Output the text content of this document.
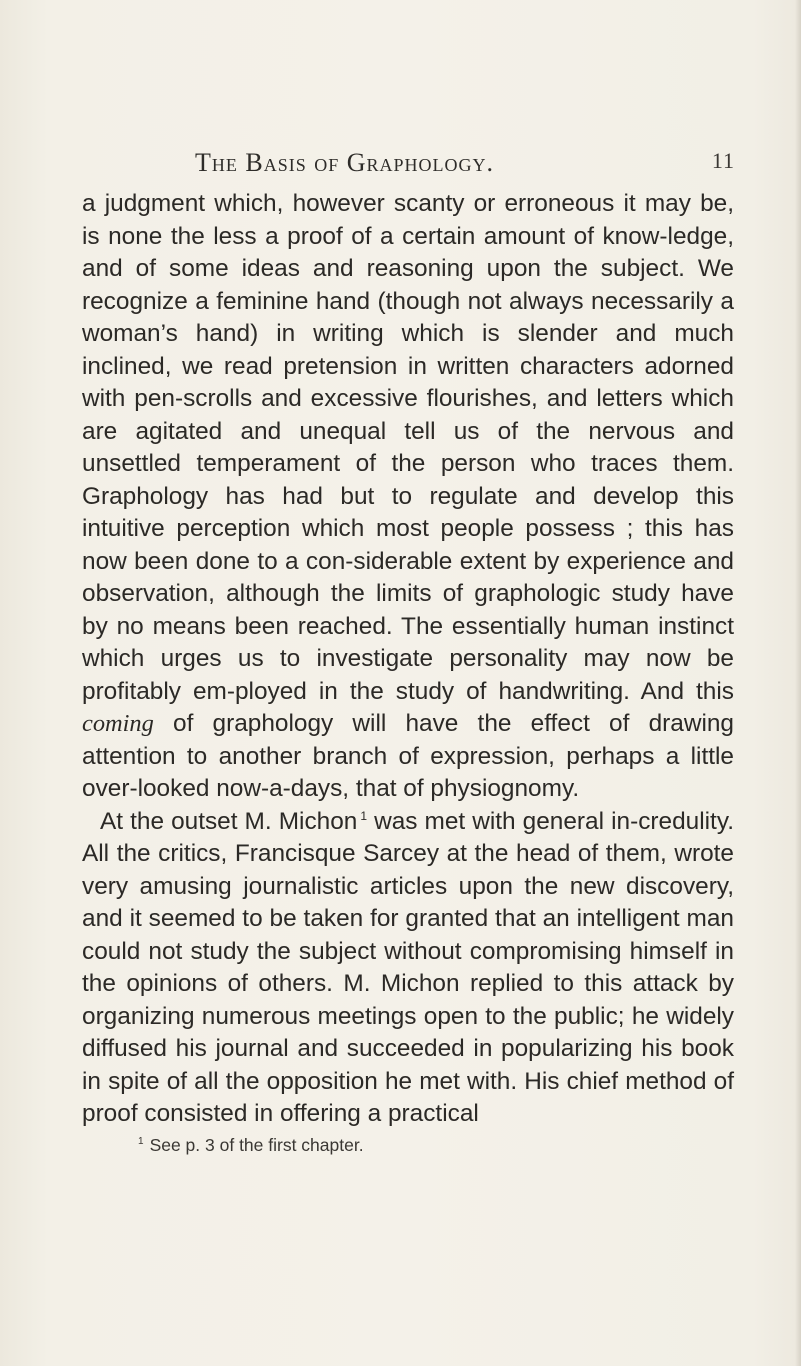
The Basis of Graphology.	11

a judgment which, however scanty or erroneous it may be, is none the less a proof of a certain amount of know-ledge, and of some ideas and reasoning upon the subject. We recognize a feminine hand (though not always necessarily a woman’s hand) in writing which is slender and much inclined, we read pretension in written characters adorned with pen-scrolls and excessive flourishes, and letters which are agitated and unequal tell us of the nervous and unsettled temperament of the person who traces them. Graphology has had but to regulate and develop this intuitive perception which most people possess ; this has now been done to a con-siderable extent by experience and observation, although the limits of graphologic study have by no means been reached. The essentially human instinct which urges us to investigate personality may now be profitably em-ployed in the study of handwriting. And this coming of graphology will have the effect of drawing attention to another branch of expression, perhaps a little over-looked now-a-days, that of physiognomy.

At the outset M. Michon $^1$ was met with general in-credulity. All the critics, Francisque Sarcey at the head of them, wrote very amusing journalistic articles upon the new discovery, and it seemed to be taken for granted that an intelligent man could not study the subject without compromising himself in the opinions of others. M. Michon replied to this attack by organizing numerous meetings open to the public; he widely diffused his journal and succeeded in popularizing his book in spite of all the opposition he met with. His chief method of proof consisted in offering a practical

$^1$ See p. 3 of the first chapter.
